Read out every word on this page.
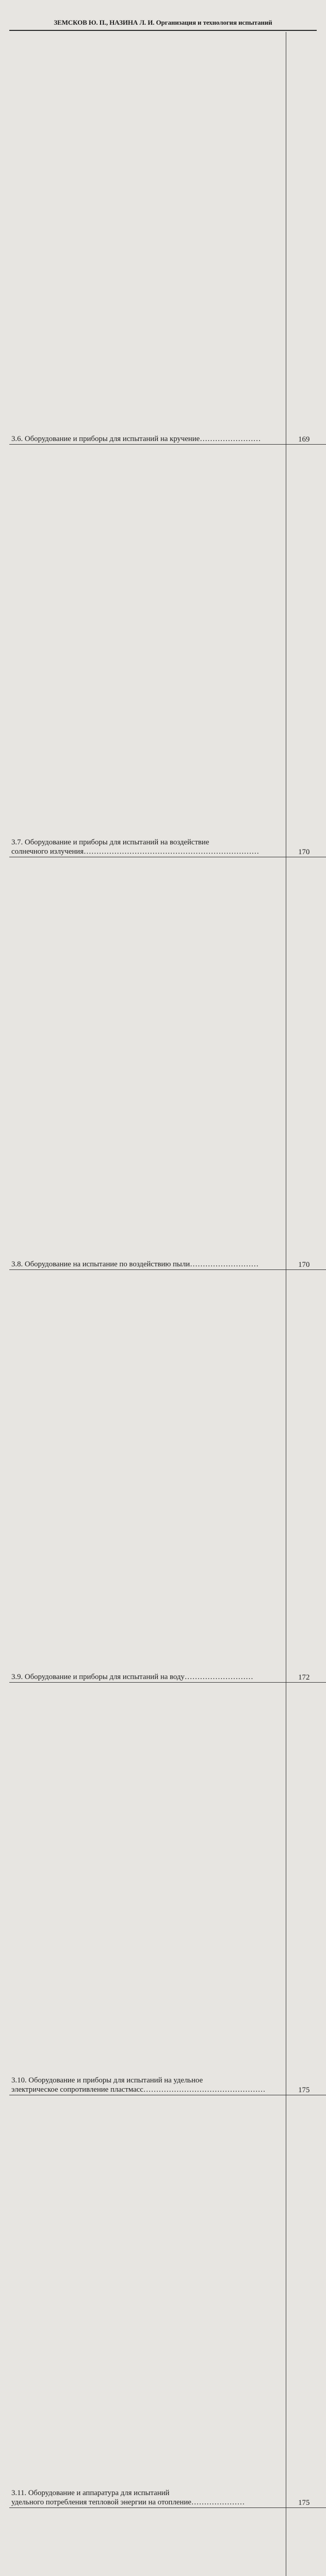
ЗЕМСКОВ Ю. П., НАЗИНА Л. И. Организация и технология испытаний

	3.6. Оборудование и приборы для испытаний на кручение……………………	169

	3.7. Оборудование и приборы для испытаний на воздействие
солнечного излучения……………………………………………………………	170

	3.8. Оборудование на испытание по воздействию пыли………………………	170

	3.9. Оборудование и приборы для испытаний на воду………………………	172

	3.10. Оборудование и приборы для испытаний на удельное
электрическое сопротивление пластмасс…………………………………………	175

	3.11. Оборудование и аппаратура для испытаний
удельного потребления тепловой энергии на отопление…………………	175
